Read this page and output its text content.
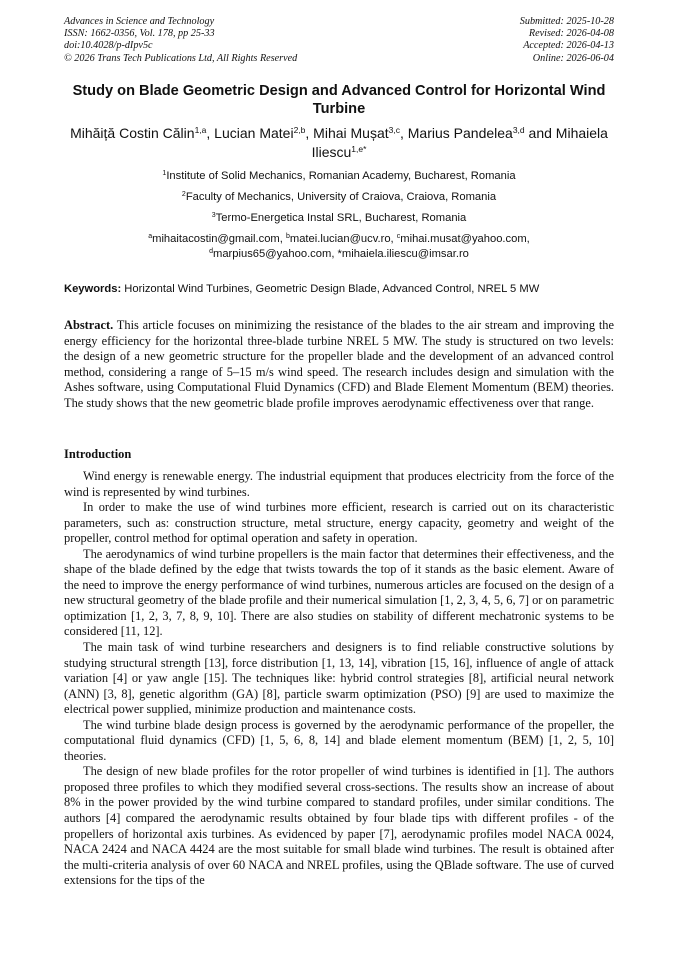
Advances in Science and Technology
ISSN: 1662-0356, Vol. 178, pp 25-33
doi:10.4028/p-dIpv5c
© 2026 Trans Tech Publications Ltd, All Rights Reserved
Submitted: 2025-10-28
Revised: 2026-04-08
Accepted: 2026-04-13
Online: 2026-06-04
Study on Blade Geometric Design and Advanced Control for Horizontal Wind Turbine
Mihăiță Costin Călin$^{1,a}$, Lucian Matei$^{2,b}$, Mihai Mușat$^{3,c}$, Marius Pandelea$^{3,d}$ and Mihaiela Iliescu$^{1,e*}$
$^1$Institute of Solid Mechanics, Romanian Academy, Bucharest, Romania
$^2$Faculty of Mechanics, University of Craiova, Craiova, Romania
$^3$Termo-Energetica Instal SRL, Bucharest, Romania
$^a$mihaitacostin@gmail.com, $^b$matei.lucian@ucv.ro, $^c$mihai.musat@yahoo.com,
$^d$marpius65@yahoo.com, *mihaiela.iliescu@imsar.ro
Keywords: Horizontal Wind Turbines, Geometric Design Blade, Advanced Control, NREL 5 MW
Abstract. This article focuses on minimizing the resistance of the blades to the air stream and improving the energy efficiency for the horizontal three-blade turbine NREL 5 MW. The study is structured on two levels: the design of a new geometric structure for the propeller blade and the development of an advanced control method, considering a range of 5–15 m/s wind speed. The research includes design and simulation with the Ashes software, using Computational Fluid Dynamics (CFD) and Blade Element Momentum (BEM) theories. The study shows that the new geometric blade profile improves aerodynamic effectiveness over that range.
Introduction

Wind energy is renewable energy. The industrial equipment that produces electricity from the force of the wind is represented by wind turbines.

In order to make the use of wind turbines more efficient, research is carried out on its characteristic parameters, such as: construction structure, metal structure, energy capacity, geometry and weight of the propeller, control method for optimal operation and safety in operation.

The aerodynamics of wind turbine propellers is the main factor that determines their effectiveness, and the shape of the blade defined by the edge that twists towards the top of it stands as the basic element. Aware of the need to improve the energy performance of wind turbines, numerous articles are focused on the design of a new structural geometry of the blade profile and their numerical simulation [1, 2, 3, 4, 5, 6, 7] or on parametric optimization [1, 2, 3, 7, 8, 9, 10]. There are also studies on stability of different mechatronic systems to be considered [11, 12].

The main task of wind turbine researchers and designers is to find reliable constructive solutions by studying structural strength [13], force distribution [1, 13, 14], vibration [15, 16], influence of angle of attack variation [4] or yaw angle [15]. The techniques like: hybrid control strategies [8], artificial neural network (ANN) [3, 8], genetic algorithm (GA) [8], particle swarm optimization (PSO) [9] are used to maximize the electrical power supplied, minimize production and maintenance costs.

The wind turbine blade design process is governed by the aerodynamic performance of the propeller, the computational fluid dynamics (CFD) [1, 5, 6, 8, 14] and blade element momentum (BEM) [1, 2, 5, 10] theories.

The design of new blade profiles for the rotor propeller of wind turbines is identified in [1]. The authors proposed three profiles to which they modified several cross-sections. The results show an increase of about 8% in the power provided by the wind turbine compared to standard profiles, under similar conditions. The authors [4] compared the aerodynamic results obtained by four blade tips with different profiles - of the propellers of horizontal axis turbines. As evidenced by paper [7], aerodynamic profiles model NACA 0024, NACA 2424 and NACA 4424 are the most suitable for small blade wind turbines. The result is obtained after the multi-criteria analysis of over 60 NACA and NREL profiles, using the QBlade software. The use of curved extensions for the tips of the
